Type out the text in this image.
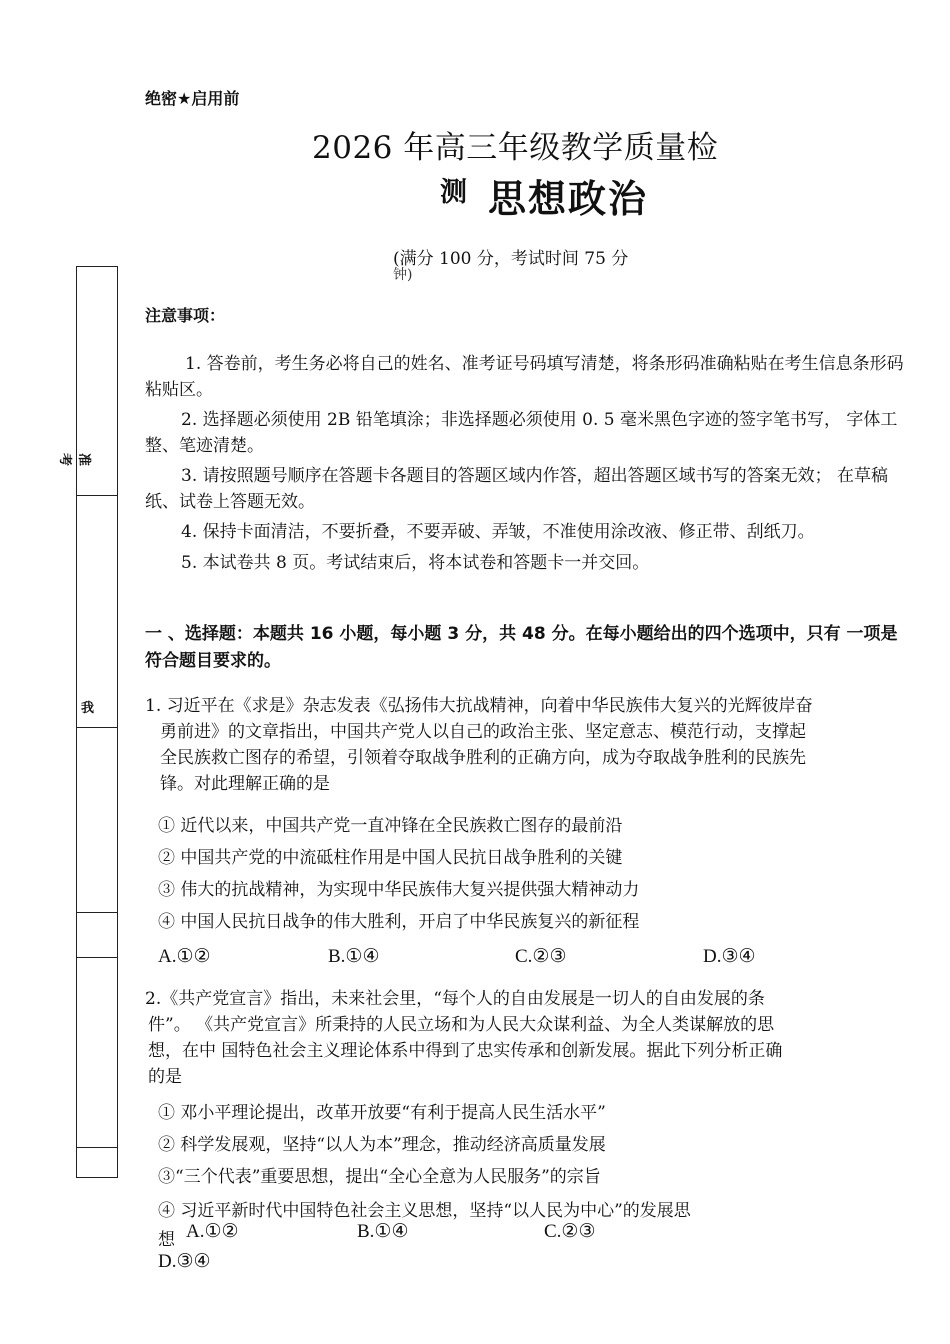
绝密★启用前
2026 年高三年级教学质量检
测 思想政治
(满分 100 分，考试时间 75 分
钟)
准考
我
注意事项：
1. 答卷前，考生务必将自己的姓名、准考证号码填写清楚，将条形码准确粘贴在考生信息条形码粘贴区。
2. 选择题必须使用 2B 铅笔填涂；非选择题必须使用 0. 5 毫米黑色字迹的签字笔书写， 字体工整、笔迹清楚。
3. 请按照题号顺序在答题卡各题目的答题区域内作答，超出答题区域书写的答案无效； 在草稿纸、试卷上答题无效。
4. 保持卡面清洁，不要折叠，不要弄破、弄皱，不准使用涂改液、修正带、刮纸刀。
5. 本试卷共 8 页。考试结束后，将本试卷和答题卡一并交回。
一 、选择题：本题共 16 小题，每小题 3 分，共 48 分。在每小题给出的四个选项中，只有 一项是符合题目要求的。
1. 习近平在《求是》杂志发表《弘扬伟大抗战精神，向着中华民族伟大复兴的光辉彼岸奋
勇前进》的文章指出，中国共产党人以自己的政治主张、坚定意志、模范行动，支撑起
全民族救亡图存的希望，引领着夺取战争胜利的正确方向，成为夺取战争胜利的民族先
锋。对此理解正确的是
① 近代以来，中国共产党一直冲锋在全民族救亡图存的最前沿
② 中国共产党的中流砥柱作用是中国人民抗日战争胜利的关键
③ 伟大的抗战精神，为实现中华民族伟大复兴提供强大精神动力
④ 中国人民抗日战争的伟大胜利，开启了中华民族复兴的新征程
A.①②	B.①④	C.②③	D.③④
2.《共产党宣言》指出，未来社会里，“每个人的自由发展是一切人的自由发展的条
件”。 《共产党宣言》所秉持的人民立场和为人民大众谋利益、为全人类谋解放的思
想，在中 国特色社会主义理论体系中得到了忠实传承和创新发展。据此下列分析正确
的是
① 邓小平理论提出，改革开放要“有利于提高人民生活水平”
② 科学发展观，坚持“以人为本”理念，推动经济高质量发展
③“三个代表”重要思想，提出“全心全意为人民服务”的宗旨
④ 习近平新时代中国特色社会主义思想，坚持“以人民为中心”的发展思
想 A.①②	B.①④	C.②③
D.③④
